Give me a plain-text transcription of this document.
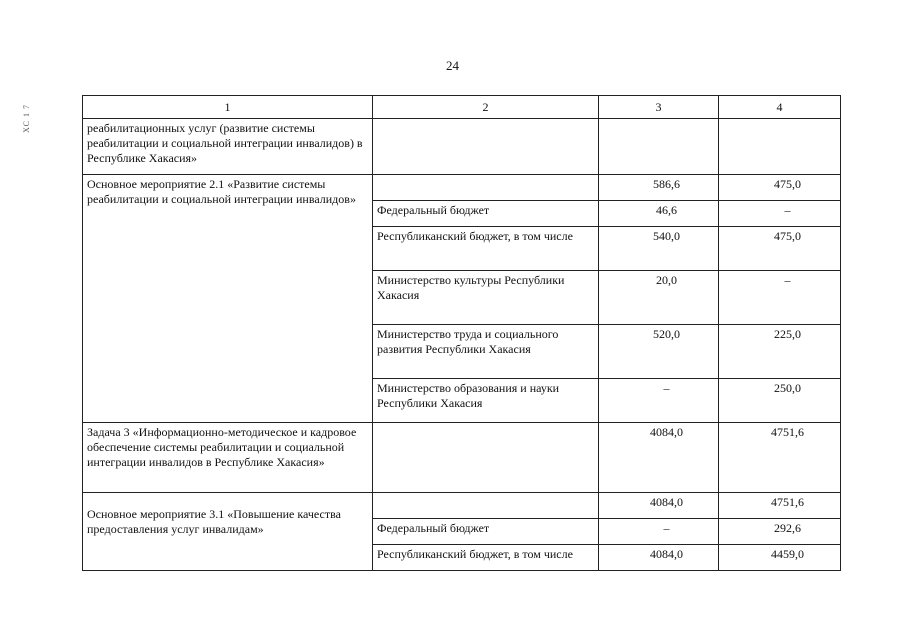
24
ХС 1 7	1	2	3	4
реабилитационных услуг (развитие системы реабилитации и социальной интеграции инвалидов) в Республике Хакасия»			
Основное мероприятие 2.1 «Развитие системы реабилитации и социальной интеграции инвалидов»		586,6	475,0
	Федеральный бюджет	46,6	–
	Республиканский бюджет, в том числе	540,0	475,0
	Министерство культуры Республики Хакасия	20,0	–
	Министерство труда и социального развития Республики Хакасия	520,0	225,0
	Министерство образования и науки Республики Хакасия	–	250,0
Задача 3 «Информационно-методическое и кадровое обеспечение системы реабилитации и социальной интеграции инвалидов в Республике Хакасия»		4084,0	4751,6
Основное мероприятие 3.1 «Повышение качества предоставления услуг инвалидам»		4084,0	4751,6
	Федеральный бюджет	–	292,6
	Республиканский бюджет, в том числе	4084,0	4459,0
